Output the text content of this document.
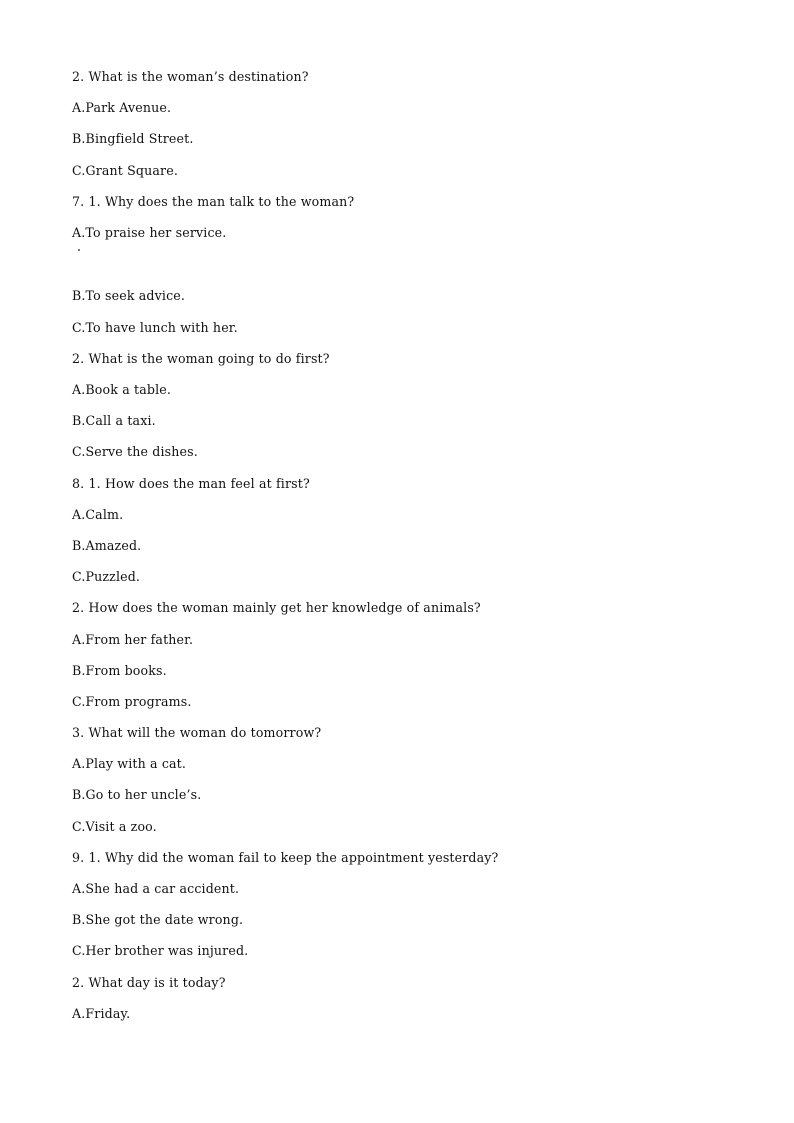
2. What is the woman’s destination?
A.Park Avenue.
B.Bingfield Street.
C.Grant Square.
7. 1. Why does the man talk to the woman?
A.To praise her service.
B.To seek advice.
C.To have lunch with her.
2. What is the woman going to do first?
A.Book a table.
B.Call a taxi.
C.Serve the dishes.
8. 1. How does the man feel at first?
A.Calm.
B.Amazed.
C.Puzzled.
2. How does the woman mainly get her knowledge of animals?
A.From her father.
B.From books.
C.From programs.
3. What will the woman do tomorrow?
A.Play with a cat.
B.Go to her uncle’s.
C.Visit a zoo.
9. 1. Why did the woman fail to keep the appointment yesterday?
A.She had a car accident.
B.She got the date wrong.
C.Her brother was injured.
2. What day is it today?
A.Friday.
